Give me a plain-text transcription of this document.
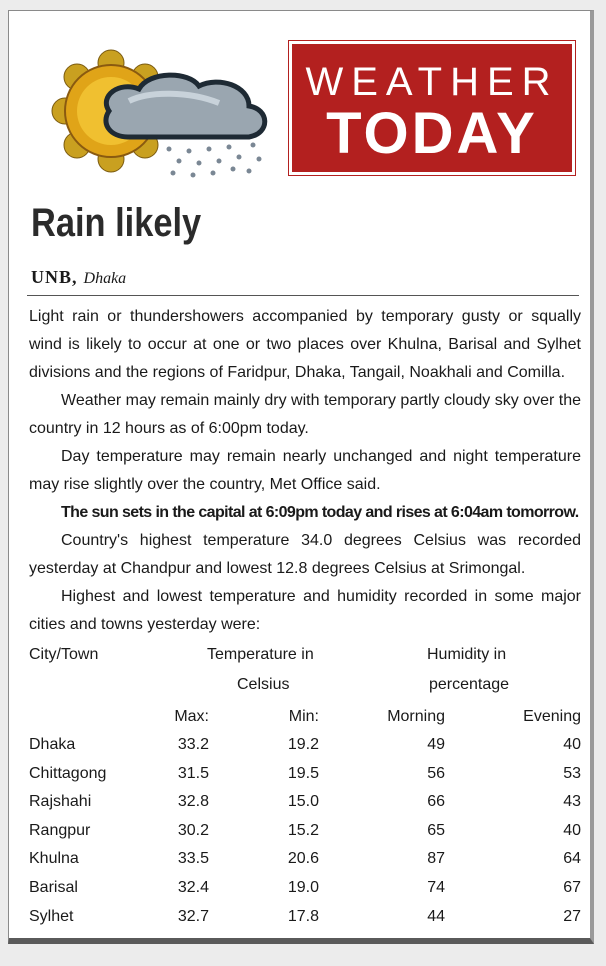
WEATHER
TODAY
Rain likely
UNB, Dhaka

Light rain or thundershowers accompanied by temporary gusty or squally wind is likely to occur at one or two places over Khulna, Barisal and Sylhet divisions and the regions of Faridpur, Dhaka, Tangail, Noakhali and Comilla.

Weather may remain mainly dry with temporary partly cloudy sky over the country in 12 hours as of 6:00pm today.

Day temperature may remain nearly unchanged and night temperature may rise slightly over the country, Met Office said.

The sun sets in the capital at 6:09pm today and rises at 6:04am tomorrow.

Country's highest temperature 34.0 degrees Celsius was recorded yesterday at Chandpur and lowest 12.8 degrees Celsius at Srimongal.

Highest and lowest temperature and humidity recorded in some major cities and towns yesterday were:

City/Town	Temperature in
Celsius
Humidity in
percentage
Max:	Min:	Morning	Evening
Dhaka	33.2	19.2	49	40
Chittagong	31.5	19.5	56	53
Rajshahi	32.8	15.0	66	43
Rangpur	30.2	15.2	65	40
Khulna	33.5	20.6	87	64
Barisal	32.4	19.0	74	67
Sylhet	32.7	17.8	44	27
